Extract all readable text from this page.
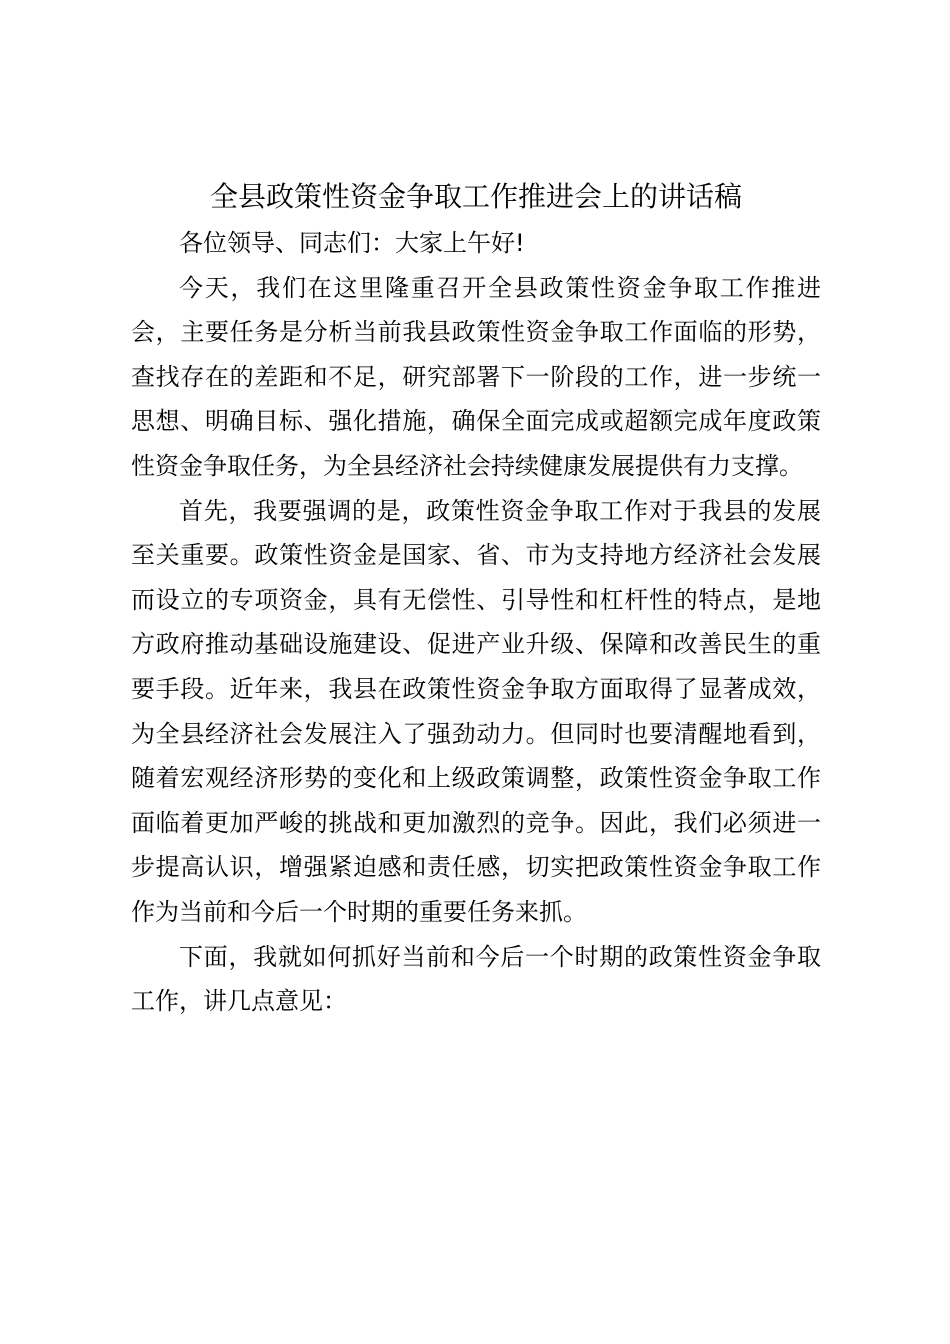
全县政策性资金争取工作推进会上的讲话稿

各位领导、同志们：大家上午好!

今天，我们在这里隆重召开全县政策性资金争取工作推进会，主要任务是分析当前我县政策性资金争取工作面临的形势，查找存在的差距和不足，研究部署下一阶段的工作，进一步统一思想、明确目标、强化措施，确保全面完成或超额完成年度政策性资金争取任务，为全县经济社会持续健康发展提供有力支撑。

首先，我要强调的是，政策性资金争取工作对于我县的发展至关重要。政策性资金是国家、省、市为支持地方经济社会发展而设立的专项资金，具有无偿性、引导性和杠杆性的特点，是地方政府推动基础设施建设、促进产业升级、保障和改善民生的重要手段。近年来，我县在政策性资金争取方面取得了显著成效，为全县经济社会发展注入了强劲动力。但同时也要清醒地看到，随着宏观经济形势的变化和上级政策调整，政策性资金争取工作面临着更加严峻的挑战和更加激烈的竞争。因此，我们必须进一步提高认识，增强紧迫感和责任感，切实把政策性资金争取工作作为当前和今后一个时期的重要任务来抓。

下面，我就如何抓好当前和今后一个时期的政策性资金争取工作，讲几点意见：
